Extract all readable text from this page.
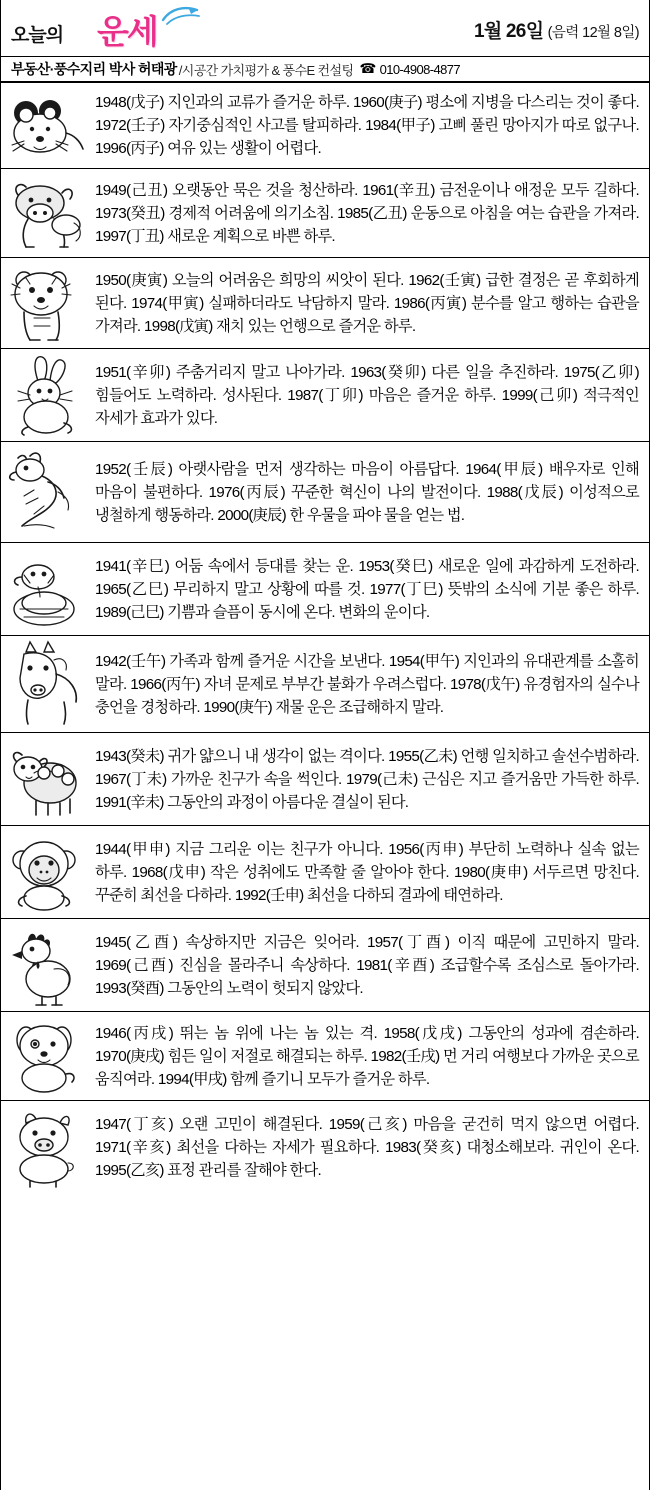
오늘의 운세	1월 26일 (음력 12월 8일)
부동산·풍수지리 박사 허태광 /시공간 가치평가 & 풍수E 컨설팅 ☎ 010-4908-4877

1948(戊子) 지인과의 교류가 즐거운 하루. 1960(庚子) 평소에 지병을 다스리는 것이 좋다. 1972(壬子) 자기중심적인 사고를 탈피하라. 1984(甲子) 고삐 풀린 망아지가 따로 없구나. 1996(丙子) 여유 있는 생활이 어렵다.

1949(己丑) 오랫동안 묵은 것을 청산하라. 1961(辛丑) 금전운이나 애정운 모두 길하다. 1973(癸丑) 경제적 어려움에 의기소침. 1985(乙丑) 운동으로 아침을 여는 습관을 가져라. 1997(丁丑) 새로운 계획으로 바쁜 하루.

1950(庚寅) 오늘의 어려움은 희망의 씨앗이 된다. 1962(壬寅) 급한 결정은 곧 후회하게 된다. 1974(甲寅) 실패하더라도 낙담하지 말라. 1986(丙寅) 분수를 알고 행하는 습관을 가져라. 1998(戊寅) 재치 있는 언행으로 즐거운 하루.

1951(辛卯) 주춤거리지 말고 나아가라. 1963(癸卯) 다른 일을 추진하라. 1975(乙卯) 힘들어도 노력하라. 성사된다. 1987(丁卯) 마음은 즐거운 하루. 1999(己卯) 적극적인 자세가 효과가 있다.

1952(壬辰) 아랫사람을 먼저 생각하는 마음이 아름답다. 1964(甲辰) 배우자로 인해 마음이 불편하다. 1976(丙辰) 꾸준한 혁신이 나의 발전이다. 1988(戊辰) 이성적으로 냉철하게 행동하라. 2000(庚辰) 한 우물을 파야 물을 얻는 법.

1941(辛巳) 어둠 속에서 등대를 찾는 운. 1953(癸巳) 새로운 일에 과감하게 도전하라. 1965(乙巳) 무리하지 말고 상황에 따를 것. 1977(丁巳) 뜻밖의 소식에 기분 좋은 하루. 1989(己巳) 기쁨과 슬픔이 동시에 온다. 변화의 운이다.

1942(壬午) 가족과 함께 즐거운 시간을 보낸다. 1954(甲午) 지인과의 유대관계를 소홀히 말라. 1966(丙午) 자녀 문제로 부부간 불화가 우려스럽다. 1978(戊午) 유경험자의 실수나 충언을 경청하라. 1990(庚午) 재물 운은 조급해하지 말라.

1943(癸未) 귀가 얇으니 내 생각이 없는 격이다. 1955(乙未) 언행 일치하고 솔선수범하라. 1967(丁未) 가까운 친구가 속을 썩인다. 1979(己未) 근심은 지고 즐거움만 가득한 하루. 1991(辛未) 그동안의 과정이 아름다운 결실이 된다.

1944(甲申) 지금 그리운 이는 친구가 아니다. 1956(丙申) 부단히 노력하나 실속 없는 하루. 1968(戊申) 작은 성취에도 만족할 줄 알아야 한다. 1980(庚申) 서두르면 망친다. 꾸준히 최선을 다하라. 1992(壬申) 최선을 다하되 결과에 태연하라.

1945(乙酉) 속상하지만 지금은 잊어라. 1957(丁酉) 이직 때문에 고민하지 말라. 1969(己酉) 진심을 몰라주니 속상하다. 1981(辛酉) 조급할수록 조심스로 돌아가라. 1993(癸酉) 그동안의 노력이 헛되지 않았다.

1946(丙戌) 뛰는 놈 위에 나는 놈 있는 격. 1958(戊戌) 그동안의 성과에 겸손하라. 1970(庚戌) 힘든 일이 저절로 해결되는 하루. 1982(壬戌) 먼 거리 여행보다 가까운 곳으로 움직여라. 1994(甲戌) 함께 즐기니 모두가 즐거운 하루.

1947(丁亥) 오랜 고민이 해결된다. 1959(己亥) 마음을 굳건히 먹지 않으면 어렵다. 1971(辛亥) 최선을 다하는 자세가 필요하다. 1983(癸亥) 대청소해보라. 귀인이 온다. 1995(乙亥) 표정 관리를 잘해야 한다.
